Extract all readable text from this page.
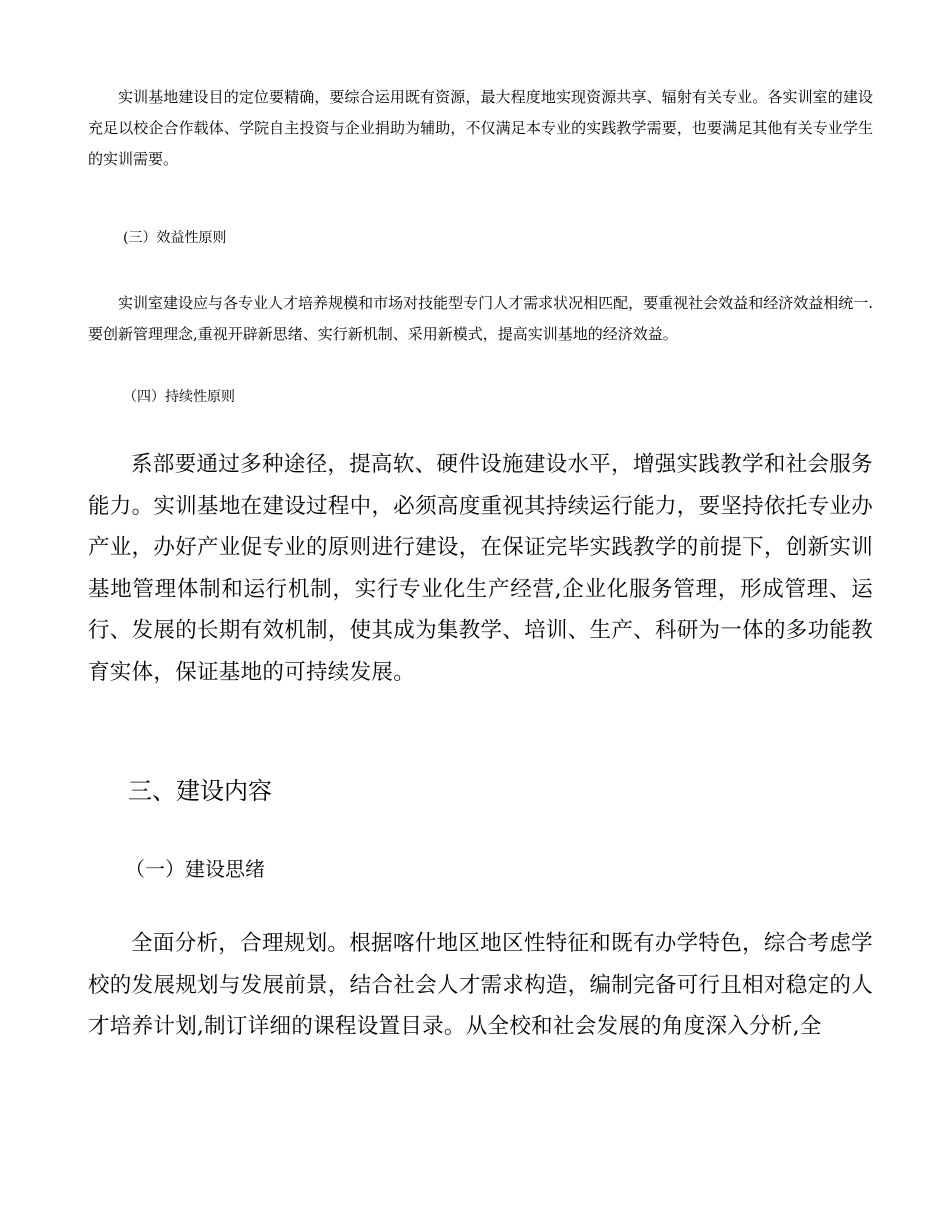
实训基地建设目的定位要精确，要综合运用既有资源，最大程度地实现资源共享、辐射有关专业。各实训室的建设充足以校企合作载体、学院自主投资与企业捐助为辅助，不仅满足本专业的实践教学需要，也要满足其他有关专业学生的实训需要。

(三）效益性原则

实训室建设应与各专业人才培养规模和市场对技能型专门人才需求状况相匹配，要重视社会效益和经济效益相统一.要创新管理理念,重视开辟新思绪、实行新机制、采用新模式，提高实训基地的经济效益。

（四）持续性原则

系部要通过多种途径，提高软、硬件设施建设水平，增强实践教学和社会服务能力。实训基地在建设过程中，必须高度重视其持续运行能力，要坚持依托专业办产业，办好产业促专业的原则进行建设，在保证完毕实践教学的前提下，创新实训基地管理体制和运行机制，实行专业化生产经营,企业化服务管理，形成管理、运行、发展的长期有效机制，使其成为集教学、培训、生产、科研为一体的多功能教育实体，保证基地的可持续发展。

三、建设内容
（一）建设思绪

全面分析，合理规划。根据喀什地区地区性特征和既有办学特色，综合考虑学校的发展规划与发展前景，结合社会人才需求构造，编制完备可行且相对稳定的人才培养计划,制订详细的课程设置目录。从全校和社会发展的角度深入分析,全
